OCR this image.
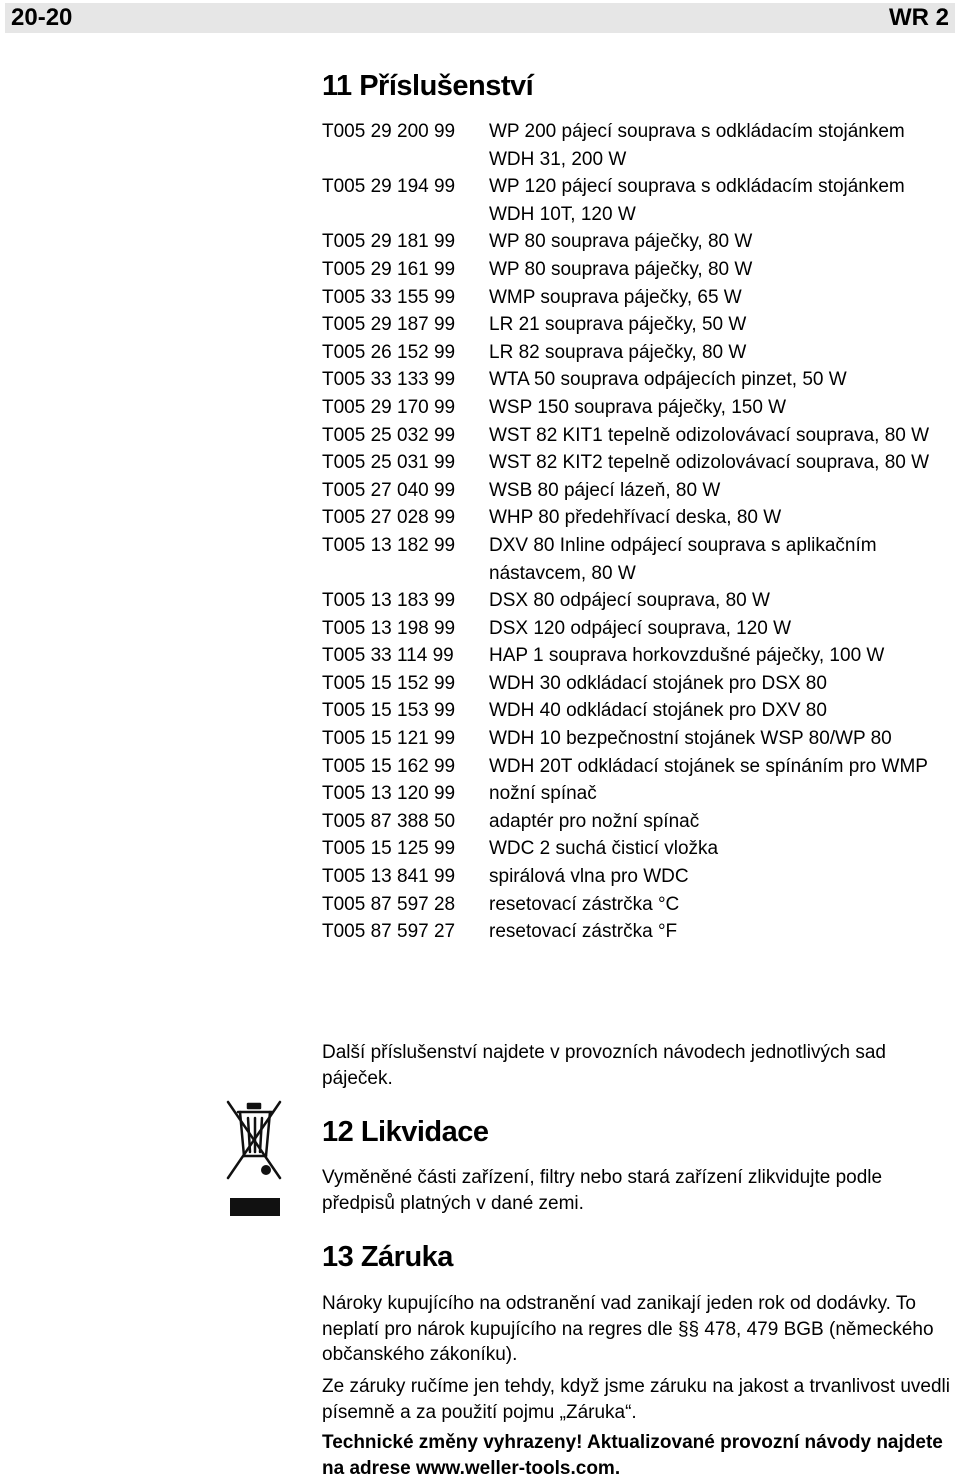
20-20	WR 2
11 Příslušenství
T005 29 200 99	WP 200 pájecí souprava s odkládacím stojánkem WDH 31, 200 W
T005 29 194 99	WP 120 pájecí souprava s odkládacím stojánkem WDH 10T, 120 W
T005 29 181 99	WP 80 souprava páječky, 80 W
T005 29 161 99	WP 80 souprava páječky, 80 W
T005 33 155 99	WMP souprava páječky, 65 W
T005 29 187 99	LR 21 souprava páječky, 50 W
T005 26 152 99	LR 82 souprava páječky, 80 W
T005 33 133 99	WTA 50 souprava odpájecích pinzet, 50 W
T005 29 170 99	WSP 150 souprava páječky, 150 W
T005 25 032 99	WST 82 KIT1 tepelně odizolovávací souprava, 80 W
T005 25 031 99	WST 82 KIT2 tepelně odizolovávací souprava, 80 W
T005 27 040 99	WSB 80 pájecí lázeň, 80 W
T005 27 028 99	WHP 80 předehřívací deska, 80 W
T005 13 182 99	DXV 80 Inline odpájecí souprava s aplikačním nástavcem, 80 W
T005 13 183 99	DSX 80 odpájecí souprava, 80 W
T005 13 198 99	DSX 120 odpájecí souprava, 120 W
T005 33 114 99	HAP 1 souprava horkovzdušné páječky, 100 W
T005 15 152 99	WDH 30 odkládací stojánek pro DSX 80
T005 15 153 99	WDH 40 odkládací stojánek pro DXV 80
T005 15 121 99	WDH 10 bezpečnostní stojánek WSP 80/WP 80
T005 15 162 99	WDH 20T odkládací stojánek se spínáním pro WMP
T005 13 120 99	nožní spínač
T005 87 388 50	adaptér pro nožní spínač
T005 15 125 99	WDC 2 suchá čisticí vložka
T005 13 841 99	spirálová vlna pro WDC
T005 87 597 28	resetovací zástrčka °C
T005 87 597 27	resetovací zástrčka °F

Další příslušenství najdete v provozních návodech jednotlivých sad páječek.

12 Likvidace

Vyměněné části zařízení, filtry nebo stará zařízení zlikvidujte podle předpisů platných v dané zemi.

13 Záruka

Nároky kupujícího na odstranění vad zanikají jeden rok od dodávky. To neplatí pro nárok kupujícího na regres dle §§ 478, 479 BGB (německého občanského zákoníku).

Ze záruky ručíme jen tehdy, když jsme záruku na jakost a trvanlivost uvedli písemně a za použití pojmu „Záruka“.

Technické změny vyhrazeny! Aktualizované provozní návody najdete na adrese www.weller-tools.com.
